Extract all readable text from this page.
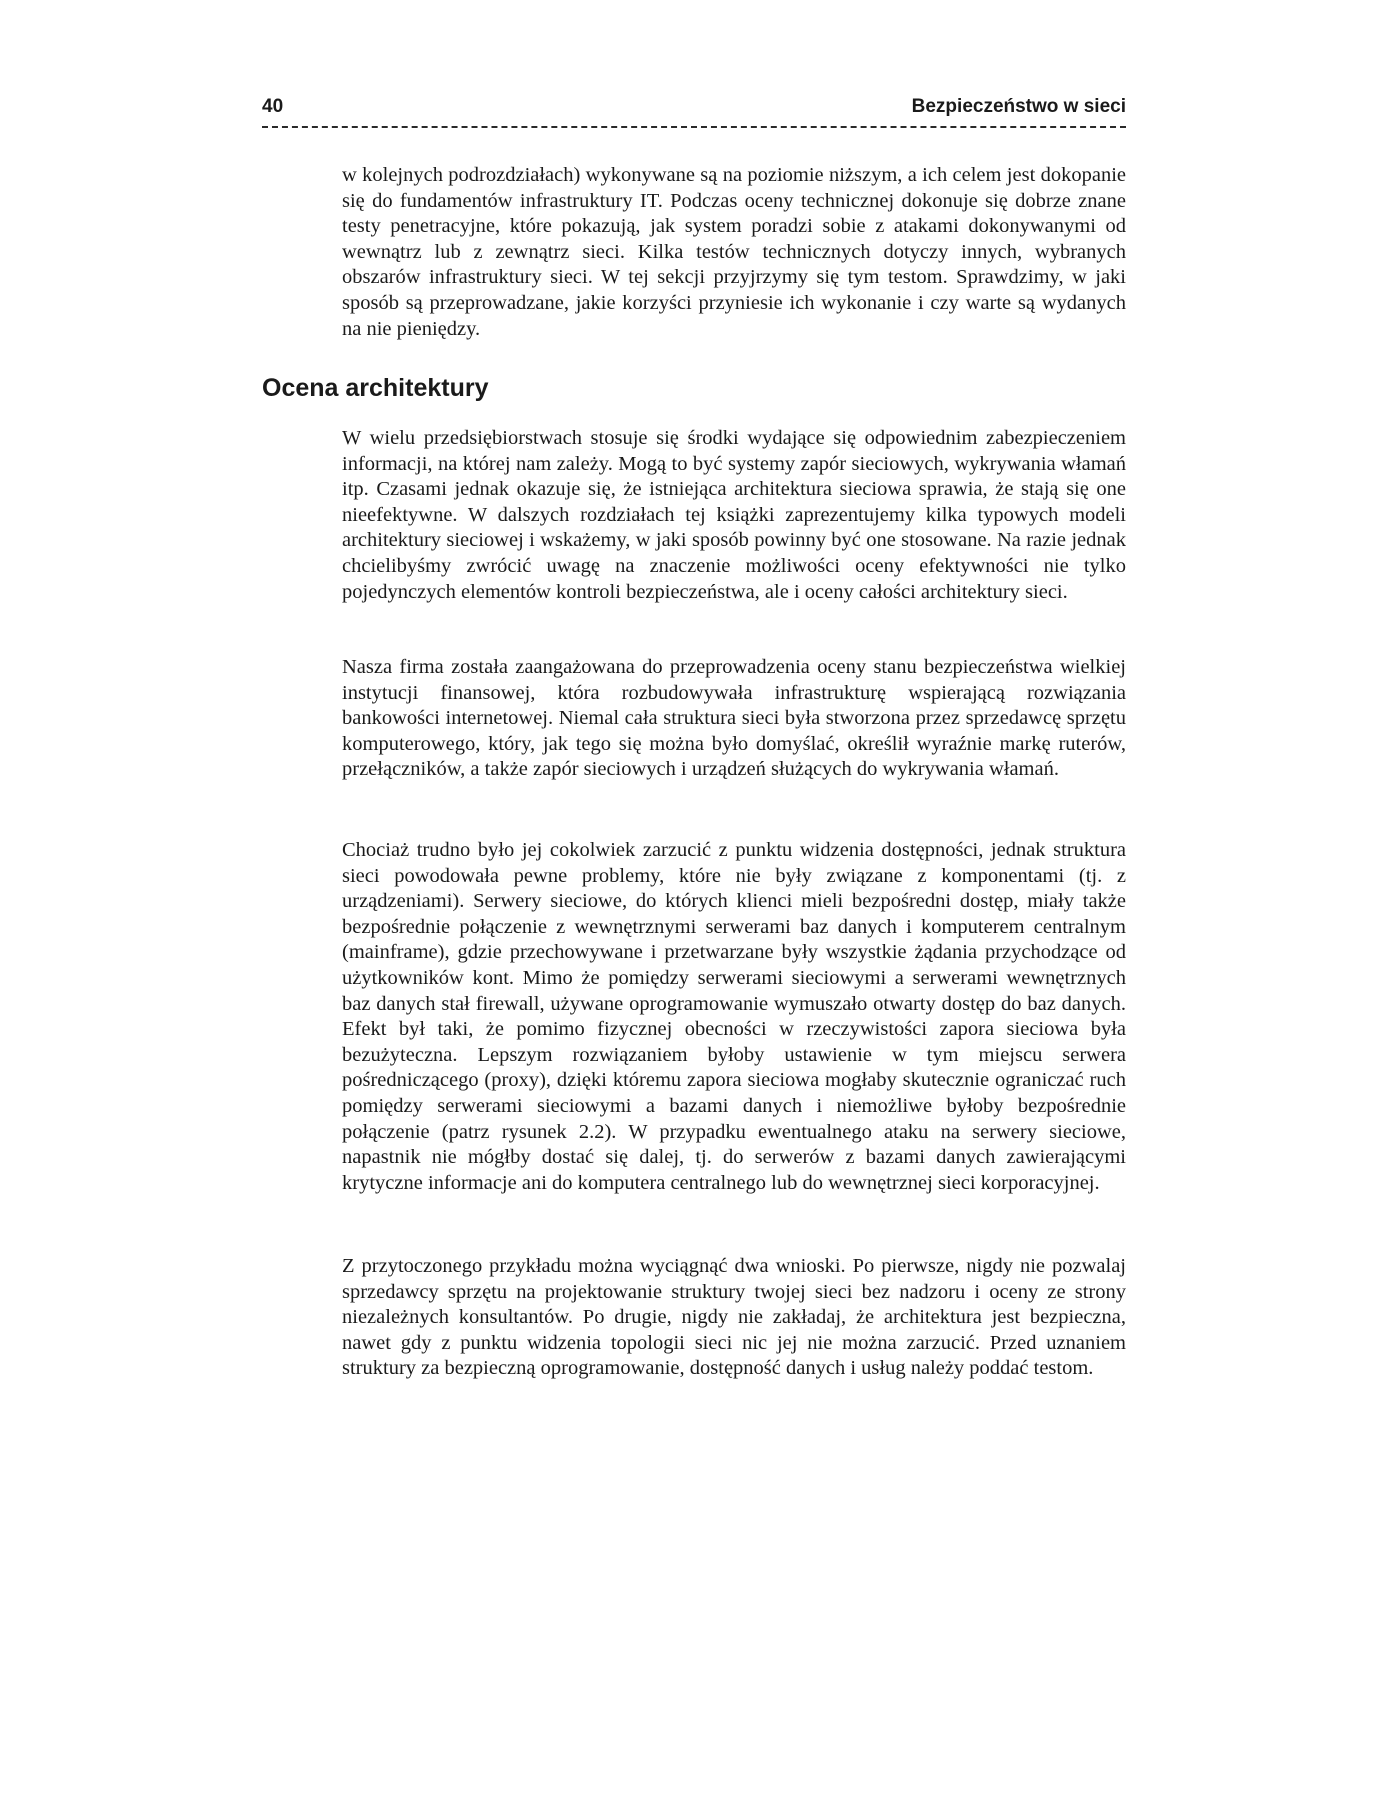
40	Bezpieczeństwo w sieci

w kolejnych podrozdziałach) wykonywane są na poziomie niższym, a ich celem jest dokopanie się do fundamentów infrastruktury IT. Podczas oceny technicznej dokonuje się dobrze znane testy penetracyjne, które pokazują, jak system poradzi sobie z atakami dokonywanymi od wewnątrz lub z zewnątrz sieci. Kilka testów technicznych dotyczy innych, wybranych obszarów infrastruktury sieci. W tej sekcji przyjrzymy się tym testom. Sprawdzimy, w jaki sposób są przeprowadzane, jakie korzyści przyniesie ich wykonanie i czy warte są wydanych na nie pieniędzy.

Ocena architektury

W wielu przedsiębiorstwach stosuje się środki wydające się odpowiednim zabezpieczeniem informacji, na której nam zależy. Mogą to być systemy zapór sieciowych, wykrywania włamań itp. Czasami jednak okazuje się, że istniejąca architektura sieciowa sprawia, że stają się one nieefektywne. W dalszych rozdziałach tej książki zaprezentujemy kilka typowych modeli architektury sieciowej i wskażemy, w jaki sposób powinny być one stosowane. Na razie jednak chcielibyśmy zwrócić uwagę na znaczenie możliwości oceny efektywności nie tylko pojedynczych elementów kontroli bezpieczeństwa, ale i oceny całości architektury sieci.

Nasza firma została zaangażowana do przeprowadzenia oceny stanu bezpieczeństwa wielkiej instytucji finansowej, która rozbudowywała infrastrukturę wspierającą rozwiązania bankowości internetowej. Niemal cała struktura sieci była stworzona przez sprzedawcę sprzętu komputerowego, który, jak tego się można było domyślać, określił wyraźnie markę ruterów, przełączników, a także zapór sieciowych i urządzeń służących do wykrywania włamań.

Chociaż trudno było jej cokolwiek zarzucić z punktu widzenia dostępności, jednak struktura sieci powodowała pewne problemy, które nie były związane z komponentami (tj. z urządzeniami). Serwery sieciowe, do których klienci mieli bezpośredni dostęp, miały także bezpośrednie połączenie z wewnętrznymi serwerami baz danych i komputerem centralnym (mainframe), gdzie przechowywane i przetwarzane były wszystkie żądania przychodzące od użytkowników kont. Mimo że pomiędzy serwerami sieciowymi a serwerami wewnętrznych baz danych stał firewall, używane oprogramowanie wymuszało otwarty dostęp do baz danych. Efekt był taki, że pomimo fizycznej obecności w rzeczywistości zapora sieciowa była bezużyteczna. Lepszym rozwiązaniem byłoby ustawienie w tym miejscu serwera pośredniczącego (proxy), dzięki któremu zapora sieciowa mogłaby skutecznie ograniczać ruch pomiędzy serwerami sieciowymi a bazami danych i niemożliwe byłoby bezpośrednie połączenie (patrz rysunek 2.2). W przypadku ewentualnego ataku na serwery sieciowe, napastnik nie mógłby dostać się dalej, tj. do serwerów z bazami danych zawierającymi krytyczne informacje ani do komputera centralnego lub do wewnętrznej sieci korporacyjnej.

Z przytoczonego przykładu można wyciągnąć dwa wnioski. Po pierwsze, nigdy nie pozwalaj sprzedawcy sprzętu na projektowanie struktury twojej sieci bez nadzoru i oceny ze strony niezależnych konsultantów. Po drugie, nigdy nie zakładaj, że architektura jest bezpieczna, nawet gdy z punktu widzenia topologii sieci nic jej nie można zarzucić. Przed uznaniem struktury za bezpieczną oprogramowanie, dostępność danych i usług należy poddać testom.
